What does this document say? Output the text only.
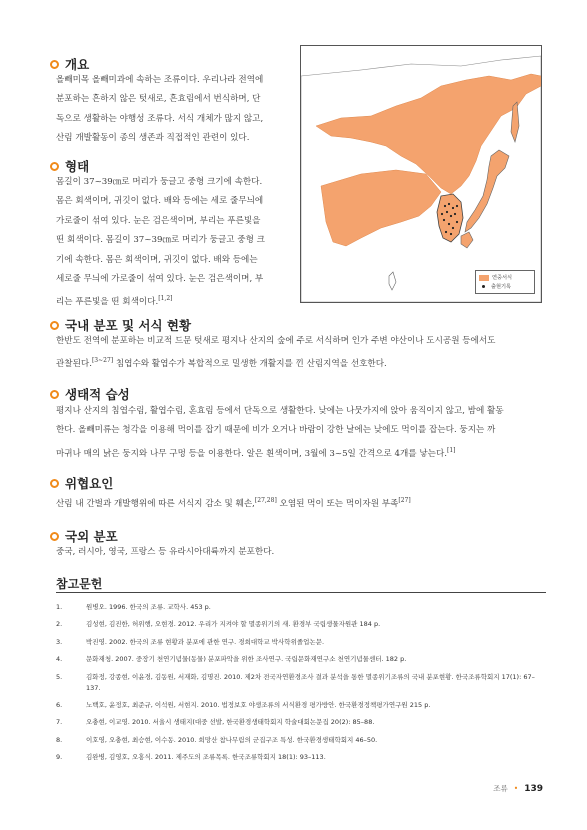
개요
올빼미목 올빼미과에 속하는 조류이다. 우리나라 전역에
분포하는 흔하지 않은 텃새로, 흔효림에서 번식하며, 단
독으로 생활하는 야행성 조류다. 서식 개체가 많지 않고,
산림 개발활동이 종의 생존과 직접적인 관련이 있다.
형태
몸길이 37~39㎝로 머리가 둥글고 중형 크기에 속한다.
몸은 회색이며, 귀깃이 없다. 배와 등에는 세로 줄무늬에
가로줄이 섞여 있다. 눈은 검은색이며, 부리는 푸른빛을
띤 회색이다. 몸길이 37~39㎝로 머리가 둥글고 중형 크
기에 속한다. 몸은 회색이며, 귀깃이 없다. 배와 등에는
세로줄 무늬에 가로줄이 섞여 있다. 눈은 검은색이며, 부
리는 푸른빛을 띤 회색이다.[1,2]
연중서식
출현기록
국내 분포 및 서식 현황
한반도 전역에 분포하는 비교적 드문 텃새로 평지나 산지의 숲에 주로 서식하며 인가 주변 야산이나 도시공원 등에서도
관찰된다.[3~27] 침엽수와 활엽수가 복합적으로 밀생한 개활지를 낀 산림지역을 선호한다.
생태적 습성
평지나 산지의 침엽수림, 활엽수림, 혼효림 등에서 단독으로 생활한다. 낮에는 나뭇가지에 앉아 움직이지 않고, 밤에 활동
한다. 올빼미류는 청각을 이용해 먹이를 잡기 때문에 비가 오거나 바람이 강한 날에는 낮에도 먹이를 잡는다. 둥지는 까
마귀나 매의 낡은 둥지와 나무 구멍 등을 이용한다. 알은 흰색이며, 3월에 3~5일 간격으로 4개를 낳는다.[1]
위협요인
산림 내 간벌과 개발행위에 따른 서식지 감소 및 훼손,[27,28] 오염된 먹이 또는 먹이자원 부족[27]
국외 분포
중국, 러시아, 영국, 프랑스 등 유라시아대륙까지 분포한다.
참고문헌
1.	원병오. 1996. 한국의 조류. 교학사. 453 p.
2.	김성현, 김진한, 허위행, 오현경. 2012. 우리가 지켜야 할 멸종위기의 새. 환경부 국립생물자원관 184 p.
3.	박진영. 2002. 한국의 조류 현황과 분포에 관한 연구. 경희대학교 박사학위졸업논문.
4.	문화재청. 2007. 중장기 천연기념물(동물) 분포파악을 위한 조사연구. 국립문화재연구소 천연기념물센터. 182 p.
5.	김화정, 강종현, 이윤경, 김동원, 서재화, 김명진. 2010. 제2차 전국자연환경조사 결과 분석을 통한 멸종위기조류의 국내 분포현황. 한국조류학회지 17(1): 67–137.
6.	노백호, 윤정호, 최준규, 이석원, 서현지. 2010. 법정보호 야생조류의 서식환경 평가방안. 한국환경정책평가연구원 215 p.
7.	오충현, 이교영. 2010. 서울시 생태지(대중 선발, 한국환경생태학회지 학술대회논문집 20(2): 85–88.
8.	이호영, 오충현, 최승현, 이수동. 2010. 희망산 참나무림의 군집구조 특성. 한국환경생태학회지 46–50.
9.	김완병, 김영호, 오홍식. 2011. 제주도의 조류목록. 한국조류학회지 18(1): 93–113.
조류 • 139
